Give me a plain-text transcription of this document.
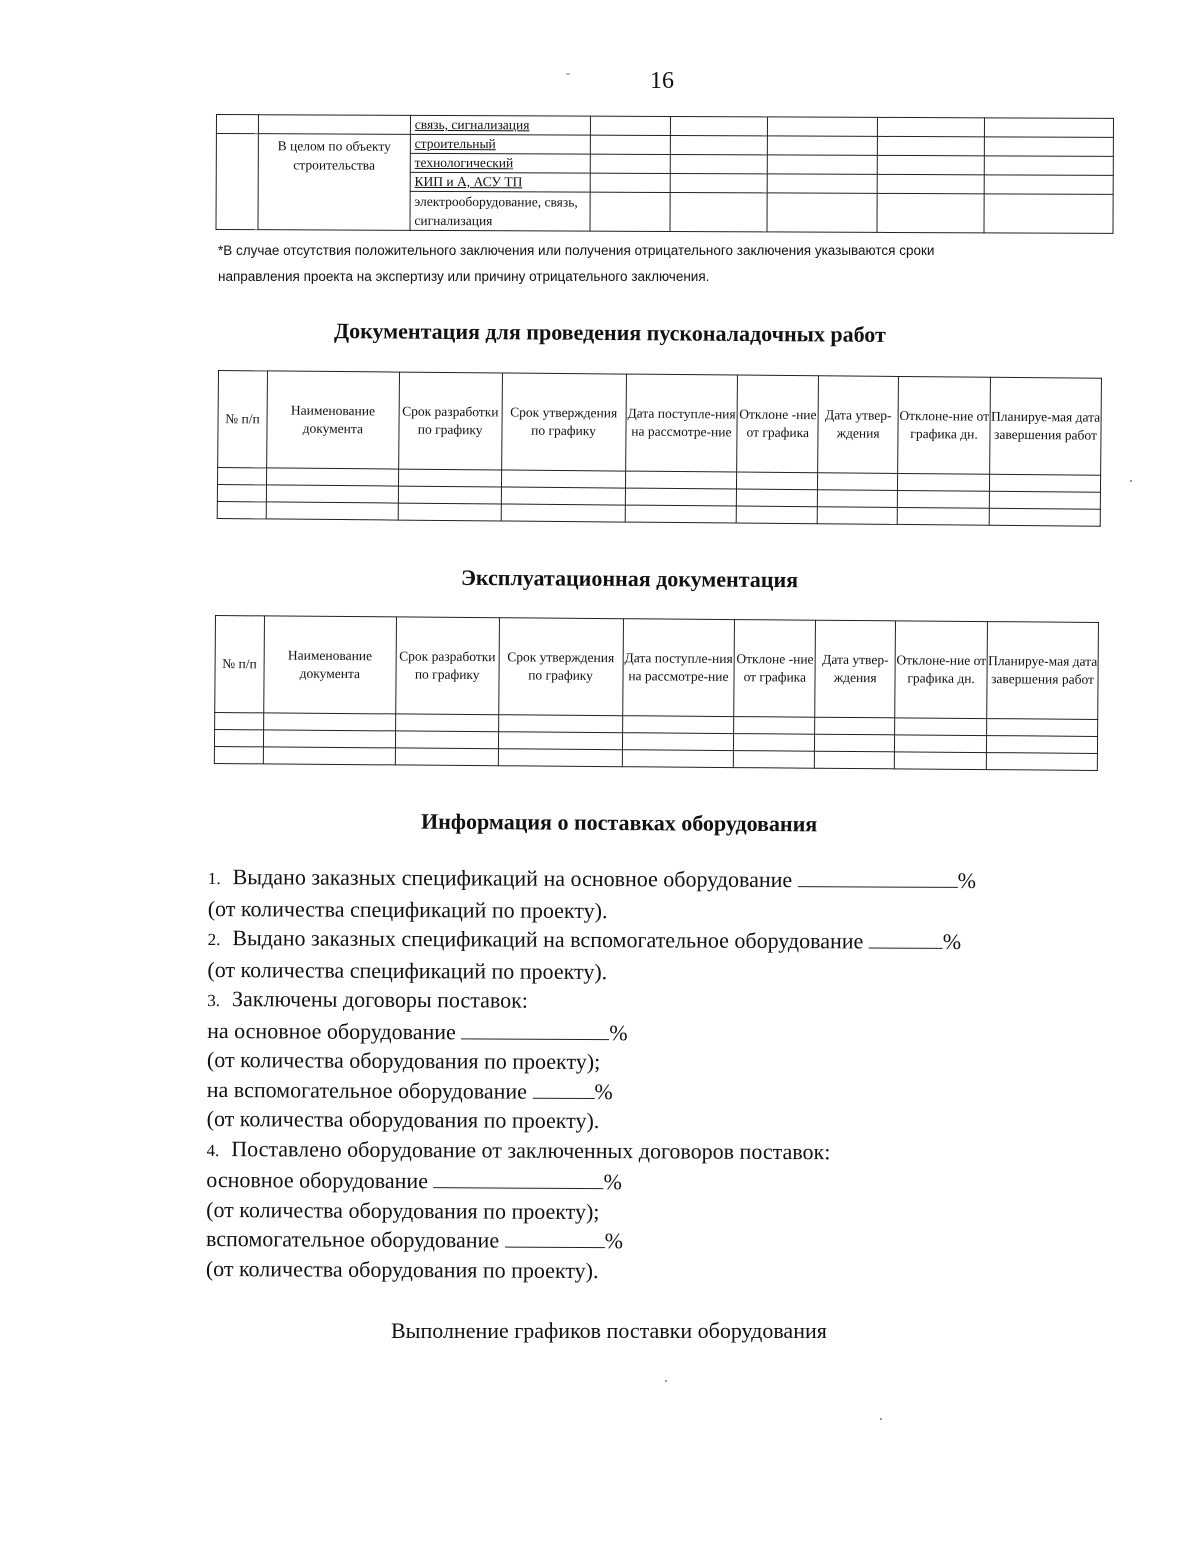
16
-
		связь, сигнализация					
	В целом по объекту строительства	строительный					
		технологический					
		КИП и А, АСУ ТП					
		электрооборудование, связь, сигнализация					
*В случае отсутствия положительного заключения или получения отрицательного заключения указываются сроки
направления проекта на экспертизу или причину отрицательного заключения.
Документация для проведения пусконаладочных работ
№ п/п	Наименование документа	Срок разработки по графику	Срок утверждения по графику	Дата поступле-ния на рассмотре-ние	Отклоне -ние от графика	Дата утвер-ждения	Отклоне-ние от графика дн.	Планируе-мая дата завершения работ

Эксплуатационная документация
№ п/п	Наименование документа	Срок разработки по графику	Срок утверждения по графику	Дата поступле-ния на рассмотре-ние	Отклоне -ние от графика	Дата утвер-ждения	Отклоне-ние от графика дн.	Планируе-мая дата завершения работ

Информация о поставках оборудования
1. Выдано заказных спецификаций на основное оборудование	%
(от количества спецификаций по проекту).
2. Выдано заказных спецификаций на вспомогательное оборудование	%
(от количества спецификаций по проекту).
3. Заключены договоры поставок:
на основное оборудование	%
(от количества оборудования по проекту);
на вспомогательное оборудование	%
(от количества оборудования по проекту).
4. Поставлено оборудование от заключенных договоров поставок:
основное оборудование	%
(от количества оборудования по проекту);
вспомогательное оборудование	%
(от количества оборудования по проекту).
Выполнение графиков поставки оборудования
